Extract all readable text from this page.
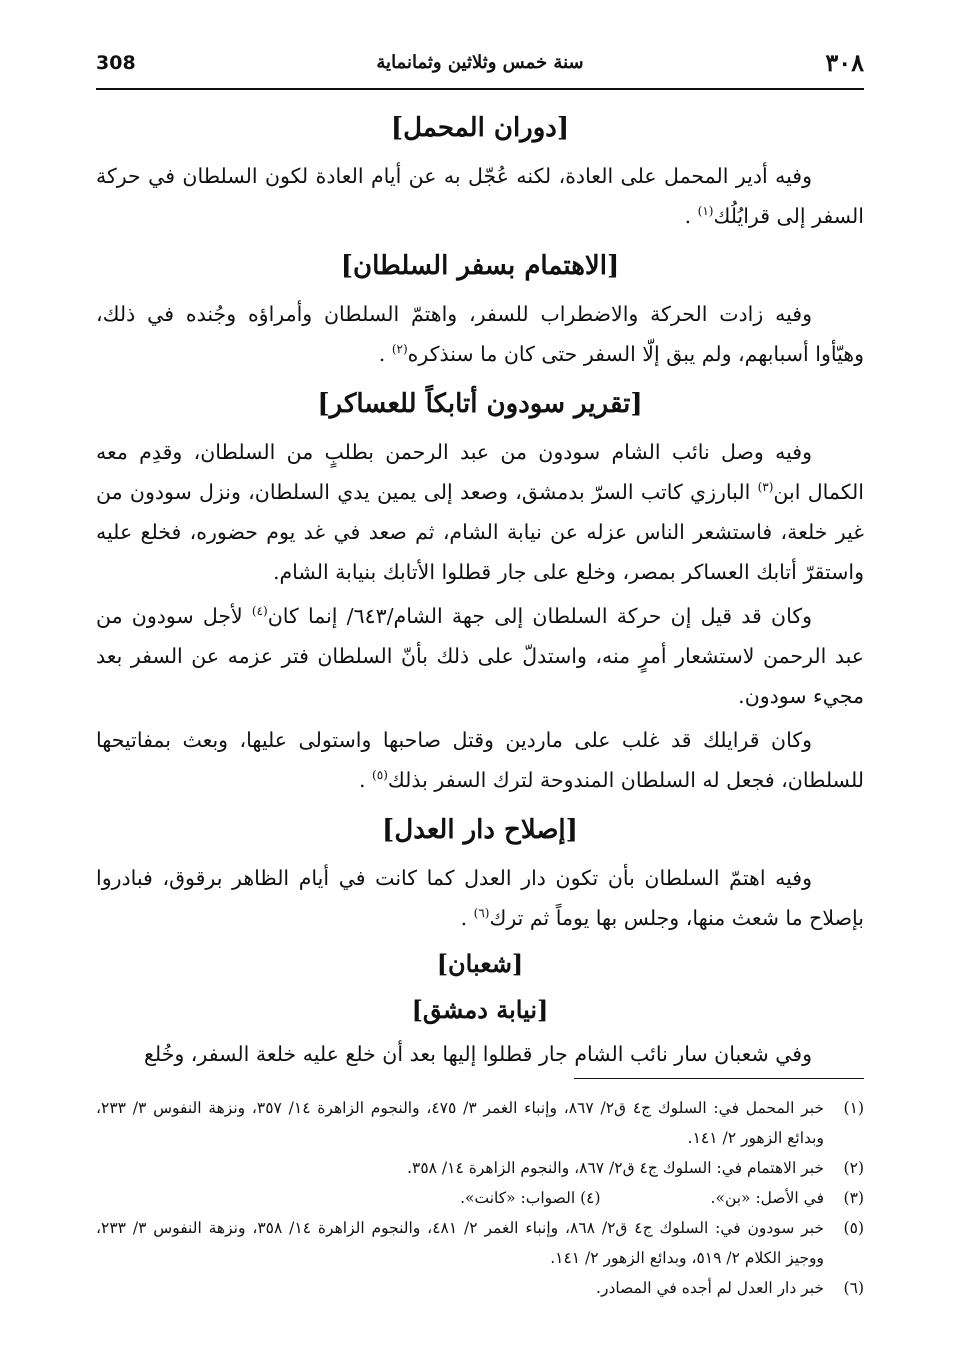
308	سنة خمس وثلاثين وثمانماية	٣٠٨
[دوران المحمل]

وفيه أدير المحمل على العادة، لكنه عُجّل به عن أيام العادة لكون السلطان في حركة السفر إلى قرايُلُك$^{(١)}$ .

[الاهتمام بسفر السلطان]

وفيه زادت الحركة والاضطراب للسفر، واهتمّ السلطان وأمراؤه وجُنده في ذلك، وهيّأوا أسبابهم، ولم يبق إلّا السفر حتى كان ما سنذكره$^{(٢)}$ .

[تقرير سودون أتابكاً للعساكر]

وفيه وصل نائب الشام سودون من عبد الرحمن بطلبٍ من السلطان، وقدِم معه الكمال ابن$^{(٣)}$ البارزي كاتب السرّ بدمشق، وصعد إلى يمين يدي السلطان، ونزل سودون من غير خلعة، فاستشعر الناس عزله عن نيابة الشام، ثم صعد في غد يوم حضوره، فخلع عليه واستقرّ أتابك العساكر بمصر، وخلع على جار قطلوا الأتابك بنيابة الشام.

وكان قد قيل إن حركة السلطان إلى جهة الشام/٦٤٣/ إنما كان$^{(٤)}$ لأجل سودون من عبد الرحمن لاستشعار أمرٍ منه، واستدلّ على ذلك بأنّ السلطان فتر عزمه عن السفر بعد مجيء سودون.

وكان قرايلك قد غلب على ماردين وقتل صاحبها واستولى عليها، وبعث بمفاتيحها للسلطان، فجعل له السلطان المندوحة لترك السفر بذلك$^{(٥)}$ .

[إصلاح دار العدل]

وفيه اهتمّ السلطان بأن تكون دار العدل كما كانت في أيام الظاهر برقوق، فبادروا بإصلاح ما شعث منها، وجلس بها يوماً ثم ترك$^{(٦)}$ .

[شعبان]
[نيابة دمشق]

وفي شعبان سار نائب الشام جار قطلوا إليها بعد أن خلع عليه خلعة السفر، وخُلع

(١)
خبر المحمل في: السلوك ج٤ ق٢/ ٨٦٧، وإنباء الغمر ٣/ ٤٧٥، والنجوم الزاهرة ١٤/ ٣٥٧، ونزهة النفوس ٣/ ٢٣٣، وبدائع الزهور ٢/ ١٤١.
(٢)
خبر الاهتمام في: السلوك ج٤ ق٢/ ٨٦٧، والنجوم الزاهرة ١٤/ ٣٥٨.
(٣)
في الأصل: «بن».
(٤) الصواب: «كانت».
(٥)
خبر سودون في: السلوك ج٤ ق٢/ ٨٦٨، وإنباء الغمر ٢/ ٤٨١، والنجوم الزاهرة ١٤/ ٣٥٨، ونزهة النفوس ٣/ ٢٣٣، ووجيز الكلام ٢/ ٥١٩، وبدائع الزهور ٢/ ١٤١.
(٦)
خبر دار العدل لم أجده في المصادر.
